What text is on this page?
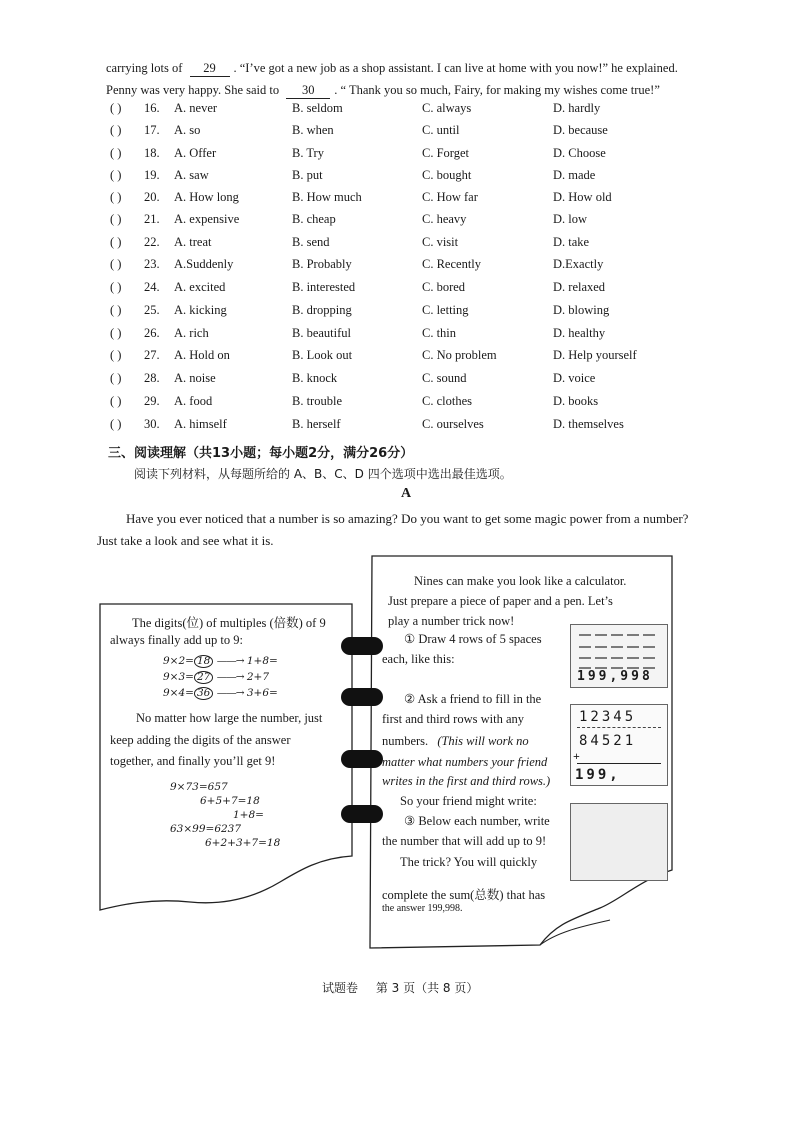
carrying lots of 29 . “I’ve got a new job as a shop assistant. I can live at home with you now!” he explained.
Penny was very happy. She said to 30 . “ Thank you so much, Fairy, for making my wishes come true!”
( ) 16. A. never	B. seldom	C. always	D. hardly
( ) 17. A. so	B. when	C. until	D. because
( ) 18. A. Offer	B. Try	C. Forget	D. Choose
( ) 19. A. saw	B. put	C. bought	D. made
( ) 20. A. How long	B. How much	C. How far	D. How old
( ) 21. A. expensive	B. cheap	C. heavy	D. low
( ) 22. A. treat	B. send	C. visit	D. take
( ) 23. A.Suddenly	B. Probably	C. Recently	D.Exactly
( ) 24. A. excited	B. interested	C. bored	D. relaxed
( ) 25. A. kicking	B. dropping	C. letting	D. blowing
( ) 26. A. rich	B. beautiful	C. thin	D. healthy
( ) 27. A. Hold on	B. Look out	C. No problem	D. Help yourself
( ) 28. A. noise	B. knock	C. sound	D. voice
( ) 29. A. food	B. trouble	C. clothes	D. books
( ) 30. A. himself	B. herself	C. ourselves	D. themselves
三、阅读理解（共13小题；每小题2分，满分26分）
阅读下列材料，从每题所给的 A、B、C、D 四个选项中选出最佳选项。
A
Have you ever noticed that a number is so amazing? Do you want to get some magic power from a number?
Just take a look and see what it is.
The digits(位) of multiples (倍数) of 9
always finally add up to 9:
9×2= 18 ——→ 1+8=
9×3= 27 ——→ 2+7
9×4= 36 ——→ 3+6=
No matter how large the number, just
keep adding the digits of the answer
together, and finally you’ll get 9!
9×73=657
6+5+7=18
1+8=
63×99=6237
6+2+3+7=18
Nines can make you look like a calculator.
Just prepare a piece of paper and a pen. Let’s
play a number trick now!
① Draw 4 rows of 5 spaces
each, like this:
② Ask a friend to fill in the
first and third rows with any
numbers. (This will work no
matter what numbers your friend
writes in the first and third rows.)
So your friend might write:
③ Below each number, write
the number that will add up to 9!
The trick? You will quickly
complete the sum(总数) that has
the answer 199,998.
199,998
12345
84521
+
199,
试题卷 第 3 页（共 8 页）
